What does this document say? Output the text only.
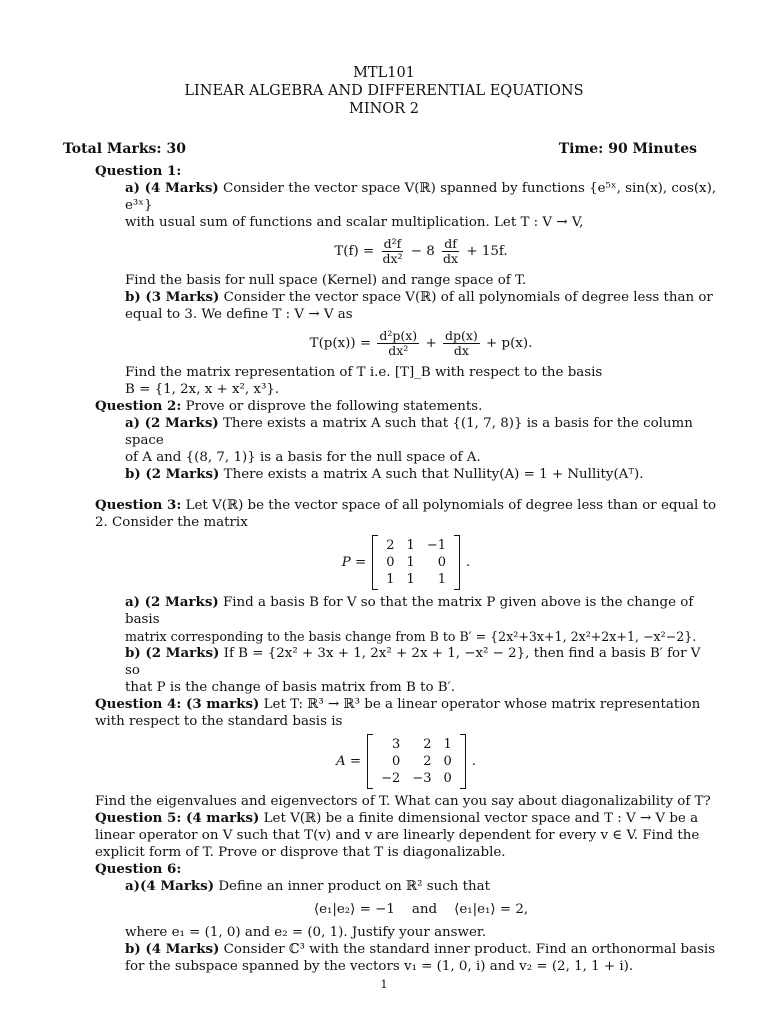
MTL101
LINEAR ALGEBRA AND DIFFERENTIAL EQUATIONS
MINOR 2
Total Marks: 30	Time: 90 Minutes
Question 1:
a) (4 Marks) Consider the vector space V(ℝ) spanned by functions {e⁵ˣ, sin(x), cos(x), e³ˣ}
with usual sum of functions and scalar multiplication. Let T : V → V,
$T(f) = \frac{\text{d²f}}{\text{dx²}} - 8 \frac{df}{dx} + 15f$.
Find the basis for null space (Kernel) and range space of T.
b) (3 Marks) Consider the vector space V(ℝ) of all polynomials of degree less than or
equal to 3. We define T : V → V as
$T(p(x)) = \frac{\text{d²p(x)}}{\text{dx²}} + \frac{dp(x)}{dx} + p(x)$.
Find the matrix representation of T i.e. [T]_B with respect to the basis
B = {1, 2x, x + x², x³}.
Question 2: Prove or disprove the following statements.
a) (2 Marks) There exists a matrix A such that {(1, 7, 8)} is a basis for the column space
of A and {(8, 7, 1)} is a basis for the null space of A.
b) (2 Marks) There exists a matrix A such that Nullity(A) = 1 + Nullity(Aᵀ).
Question 3: Let V(ℝ) be the vector space of all polynomials of degree less than or equal to
2. Consider the matrix
P =
2	1	−1
0	1	0
1	1	1
.
a) (2 Marks) Find a basis B for V so that the matrix P given above is the change of basis
matrix corresponding to the basis change from B to B′ = {2x²+3x+1, 2x²+2x+1, −x²−2}.
b) (2 Marks) If B = {2x² + 3x + 1, 2x² + 2x + 1, −x² − 2}, then find a basis B′ for V so
that P is the change of basis matrix from B to B′.
Question 4: (3 marks) Let T: ℝ³ → ℝ³ be a linear operator whose matrix representation
with respect to the standard basis is
A =
3	2	1
0	2	0
−2	−3	0
.
Find the eigenvalues and eigenvectors of T. What can you say about diagonalizability of T?
Question 5: (4 marks) Let V(ℝ) be a finite dimensional vector space and T : V → V be a
linear operator on V such that T(v) and v are linearly dependent for every v ∈ V. Find the
explicit form of T. Prove or disprove that T is diagonalizable.
Question 6:
a)(4 Marks) Define an inner product on ℝ² such that
⟨e₁|e₂⟩ = −1    and    ⟨e₁|e₁⟩ = 2,
where e₁ = (1, 0) and e₂ = (0, 1). Justify your answer.
b) (4 Marks) Consider ℂ³ with the standard inner product. Find an orthonormal basis
for the subspace spanned by the vectors v₁ = (1, 0, i) and v₂ = (2, 1, 1 + i).
1
